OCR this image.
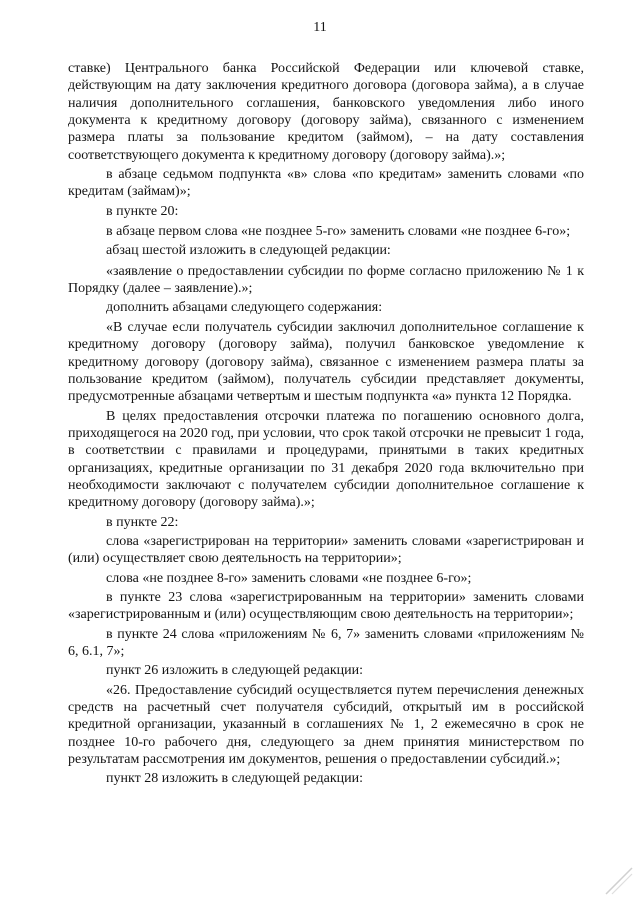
11

ставке) Центрального банка Российской Федерации или ключевой ставке, действующим на дату заключения кредитного договора (договора займа), а в случае наличия дополнительного соглашения, банковского уведомления либо иного документа к кредитному договору (договору займа), связанного с изменением размера платы за пользование кредитом (займом), – на дату составления соответствующего документа к кредитному договору (договору займа).»;

в абзаце седьмом подпункта «в» слова «по кредитам» заменить словами «по кредитам (займам)»;

в пункте 20:

в абзаце первом слова «не позднее 5-го» заменить словами «не позднее 6-го»;

абзац шестой изложить в следующей редакции:

«заявление о предоставлении субсидии по форме согласно приложению № 1 к Порядку (далее – заявление).»;

дополнить абзацами следующего содержания:

«В случае если получатель субсидии заключил дополнительное соглашение к кредитному договору (договору займа), получил банковское уведомление к кредитному договору (договору займа), связанное с изменением размера платы за пользование кредитом (займом), получатель субсидии представляет документы, предусмотренные абзацами четвертым и шестым подпункта «а» пункта 12 Порядка.

В целях предоставления отсрочки платежа по погашению основного долга, приходящегося на 2020 год, при условии, что срок такой отсрочки не превысит 1 года, в соответствии с правилами и процедурами, принятыми в таких кредитных организациях, кредитные организации по 31 декабря 2020 года включительно при необходимости заключают с получателем субсидии дополнительное соглашение к кредитному договору (договору займа).»;

в пункте 22:

слова «зарегистрирован на территории» заменить словами «зарегистрирован и (или) осуществляет свою деятельность на территории»;

слова «не позднее 8-го» заменить словами «не позднее 6-го»;

в пункте 23 слова «зарегистрированным на территории» заменить словами «зарегистрированным и (или) осуществляющим свою деятельность на территории»;

в пункте 24 слова «приложениям № 6, 7» заменить словами «приложениям № 6, 6.1, 7»;

пункт 26 изложить в следующей редакции:

«26. Предоставление субсидий осуществляется путем перечисления денежных средств на расчетный счет получателя субсидий, открытый им в российской кредитной организации, указанный в соглашениях № 1, 2 ежемесячно в срок не позднее 10-го рабочего дня, следующего за днем принятия министерством по результатам рассмотрения им документов, решения о предоставлении субсидий.»;

пункт 28 изложить в следующей редакции:
